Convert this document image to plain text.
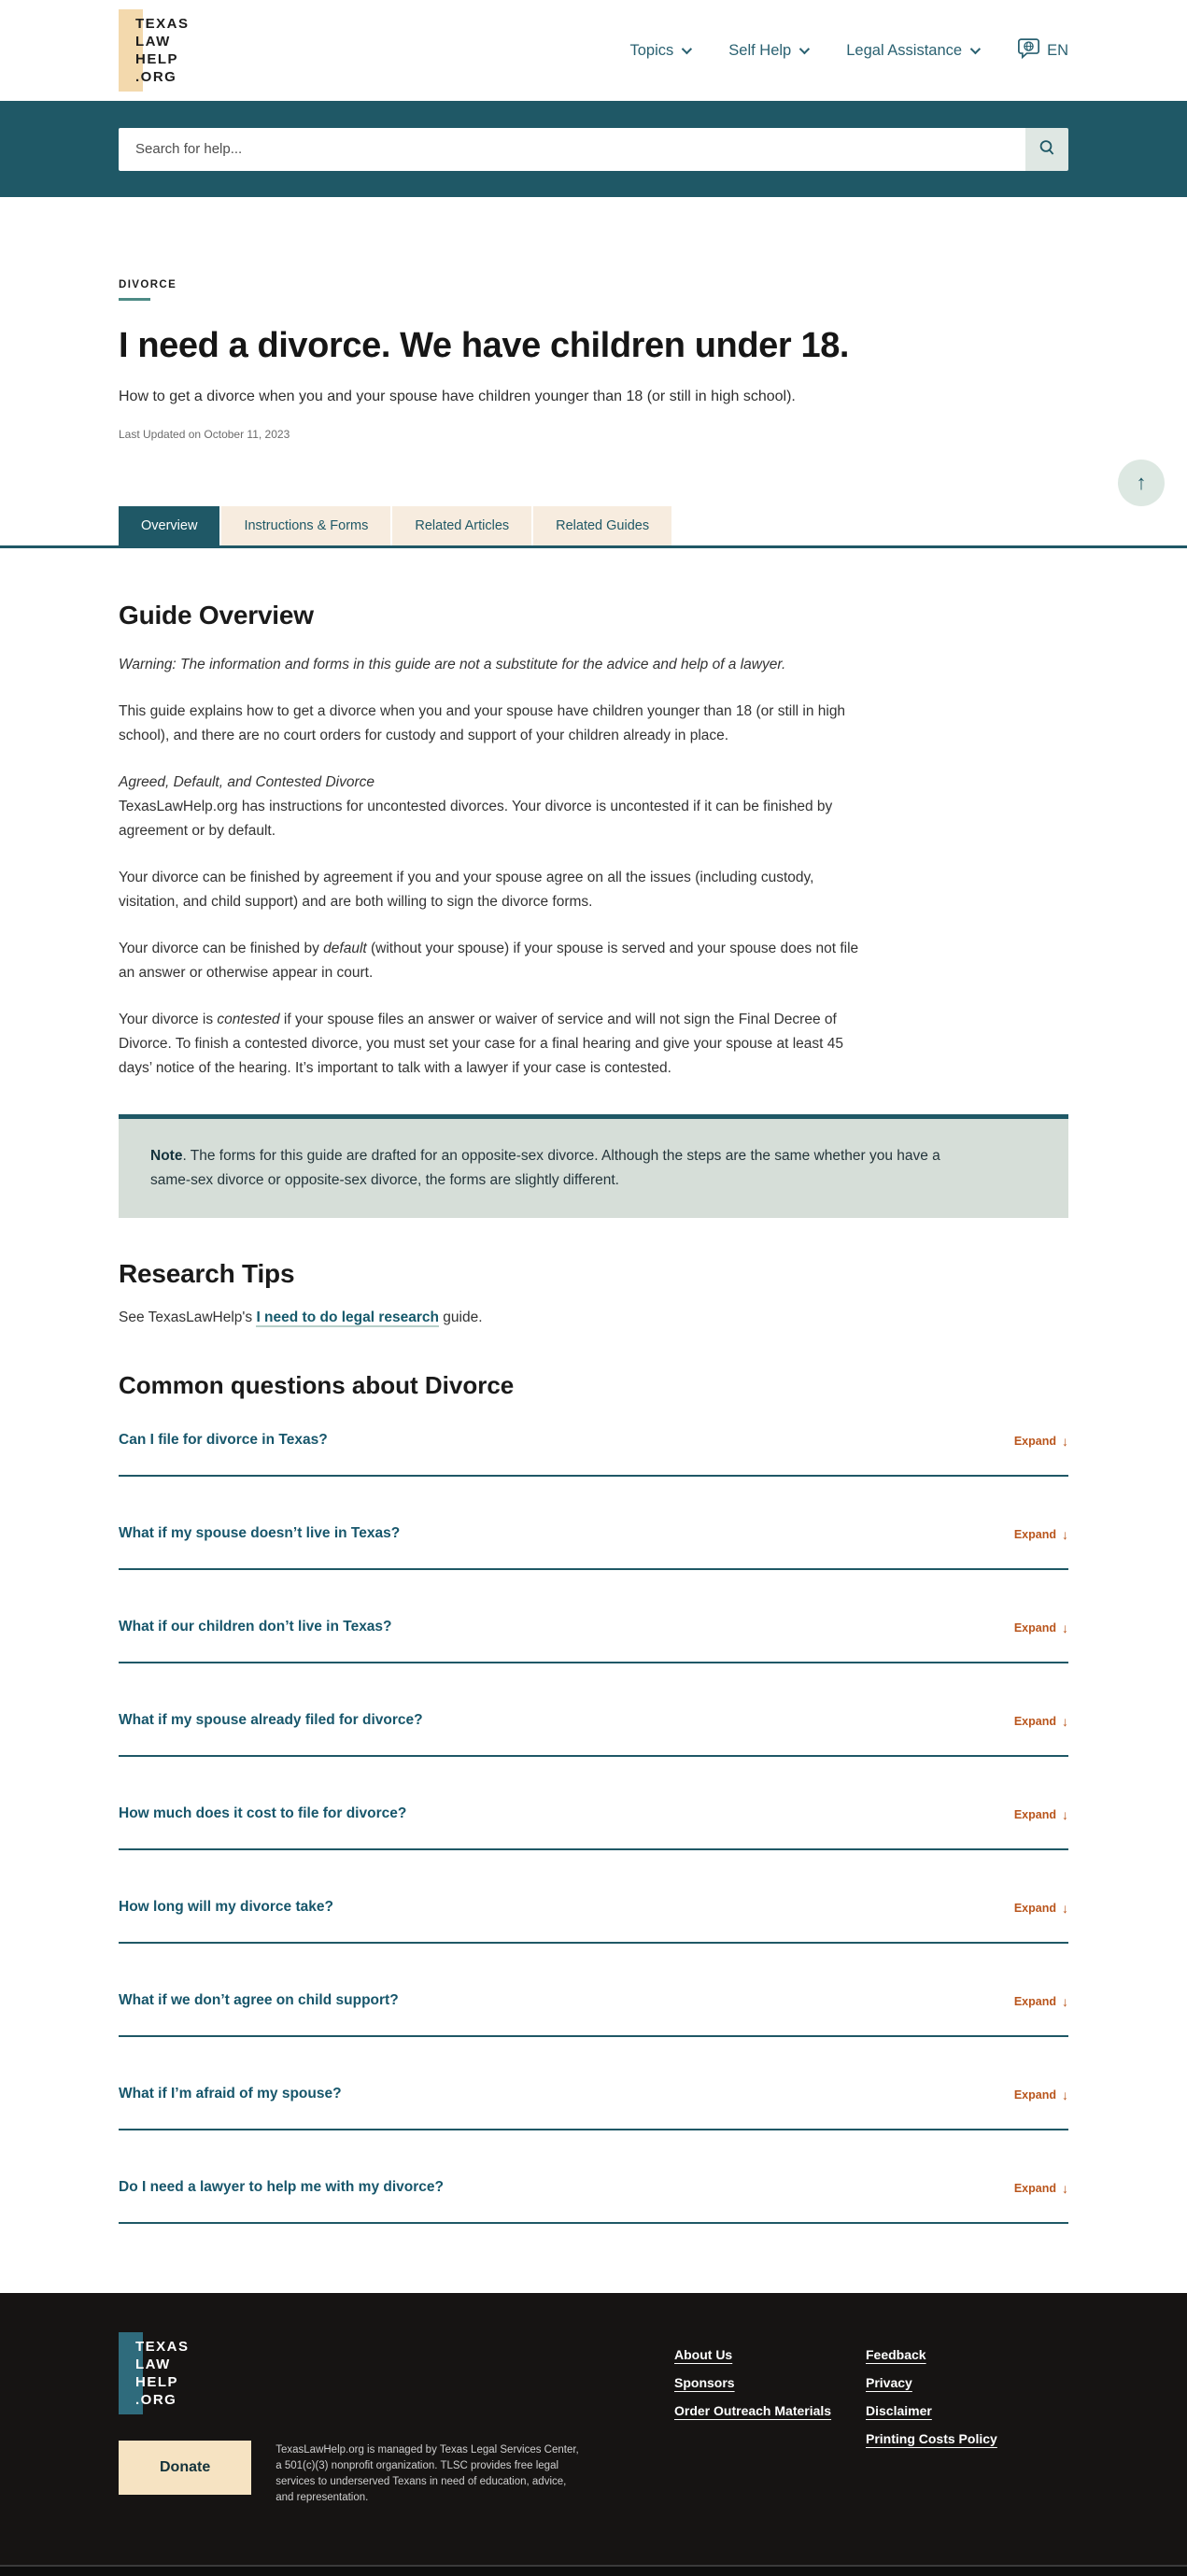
TEXAS
LAW
HELP
.ORG
Topics	Self Help	Legal Assistance	EN
Search for help...
DIVORCE
I need a divorce. We have children under 18.
How to get a divorce when you and your spouse have children younger than 18 (or still in high school).
Last Updated on October 11, 2023
↑
Overview	Instructions & Forms	Related Articles	Related Guides
Guide Overview

Warning: The information and forms in this guide are not a substitute for the advice and help of a lawyer.

This guide explains how to get a divorce when you and your spouse have children younger than 18 (or still in high school), and there are no court orders for custody and support of your children already in place.

Agreed, Default, and Contested Divorce
TexasLawHelp.org has instructions for uncontested divorces. Your divorce is uncontested if it can be finished by agreement or by default.

Your divorce can be finished by agreement if you and your spouse agree on all the issues (including custody, visitation, and child support) and are both willing to sign the divorce forms.

Your divorce can be finished by default (without your spouse) if your spouse is served and your spouse does not file an answer or otherwise appear in court.

Your divorce is contested if your spouse files an answer or waiver of service and will not sign the Final Decree of Divorce. To finish a contested divorce, you must set your case for a final hearing and give your spouse at least 45 days’ notice of the hearing. It’s important to talk with a lawyer if your case is contested.

Note. The forms for this guide are drafted for an opposite-sex divorce. Although the steps are the same whether you have a same-sex divorce or opposite-sex divorce, the forms are slightly different.

Research Tips

See TexasLawHelp's I need to do legal research guide.

Common questions about Divorce
Can I file for divorce in Texas?	Expand ↓
What if my spouse doesn’t live in Texas?	Expand ↓
What if our children don’t live in Texas?	Expand ↓
What if my spouse already filed for divorce?	Expand ↓
How much does it cost to file for divorce?	Expand ↓
How long will my divorce take?	Expand ↓
What if we don’t agree on child support?	Expand ↓
What if I’m afraid of my spouse?	Expand ↓
Do I need a lawyer to help me with my divorce?	Expand ↓
TEXAS
LAW
HELP
.ORG
Donate

TexasLawHelp.org is managed by Texas Legal Services Center, a 501(c)(3) nonprofit organization. TLSC provides free legal services to underserved Texans in need of education, advice, and representation.

About Us
Sponsors
Order Outreach Materials
Feedback
Privacy
Disclaimer
Printing Costs Policy
